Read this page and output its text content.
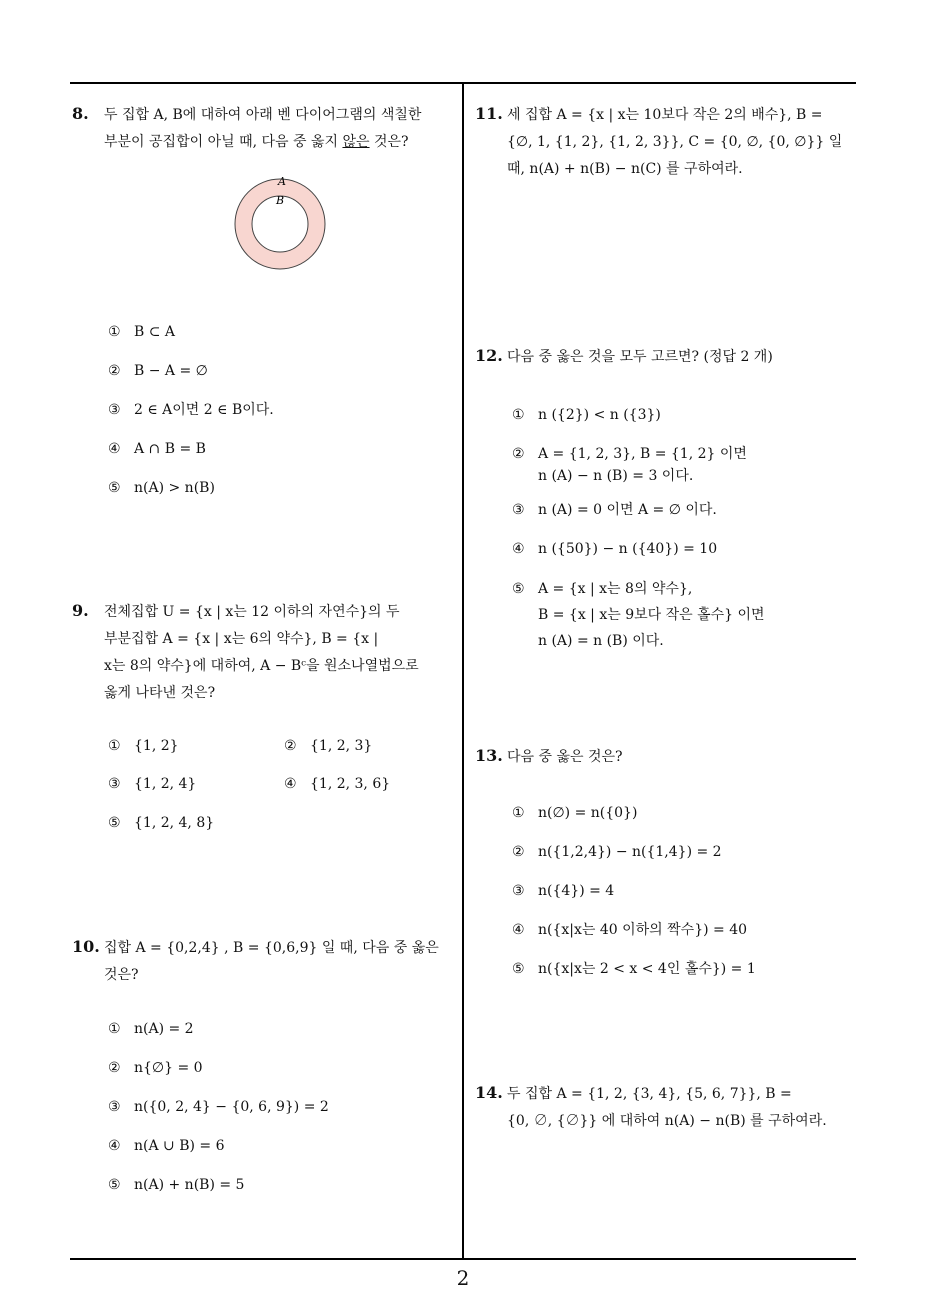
8. 두 집합 A, B에 대하여 아래 벤 다이어그램의 색칠한
부분이 공집합이 아닐 때, 다음 중 옳지 않은 것은?
A
B
① B ⊂ A
② B − A = ∅
③ 2 ∈ A이면 2 ∈ B이다.
④ A ∩ B = B
⑤ n(A) > n(B)
9. 전체집합 U = {x | x는 12 이하의 자연수}의 두
부분집합 A = {x | x는 6의 약수}, B = {x |
x는 8의 약수}에 대하여, A − Bᶜ을 원소나열법으로
옳게 나타낸 것은?
① {1, 2}	② {1, 2, 3}
③ {1, 2, 4}	④ {1, 2, 3, 6}
⑤ {1, 2, 4, 8}
10. 집합 A = {0,2,4} , B = {0,6,9} 일 때, 다음 중 옳은
것은?
① n(A) = 2
② n{∅} = 0
③ n({0, 2, 4} − {0, 6, 9}) = 2
④ n(A ∪ B) = 6
⑤ n(A) + n(B) = 5
11. 세 집합 A = {x | x는 10보다 작은 2의 배수}, B =
{∅, 1, {1, 2}, {1, 2, 3}}, C = {0, ∅, {0, ∅}} 일
때, n(A) + n(B) − n(C) 를 구하여라.
12. 다음 중 옳은 것을 모두 고르면? (정답 2 개)
① n ({2}) < n ({3})
② A = {1, 2, 3}, B = {1, 2} 이면
n (A) − n (B) = 3 이다.
③ n (A) = 0 이면 A = ∅ 이다.
④ n ({50}) − n ({40}) = 10
⑤ A = {x | x는 8의 약수},
B = {x | x는 9보다 작은 홀수} 이면
n (A) = n (B) 이다.
13. 다음 중 옳은 것은?
① n(∅) = n({0})
② n({1,2,4}) − n({1,4}) = 2
③ n({4}) = 4
④ n({x|x는 40 이하의 짝수}) = 40
⑤ n({x|x는 2 < x < 4인 홀수}) = 1
14. 두 집합 A = {1, 2, {3, 4}, {5, 6, 7}}, B =
{0, ∅, {∅}} 에 대하여 n(A) − n(B) 를 구하여라.
2
